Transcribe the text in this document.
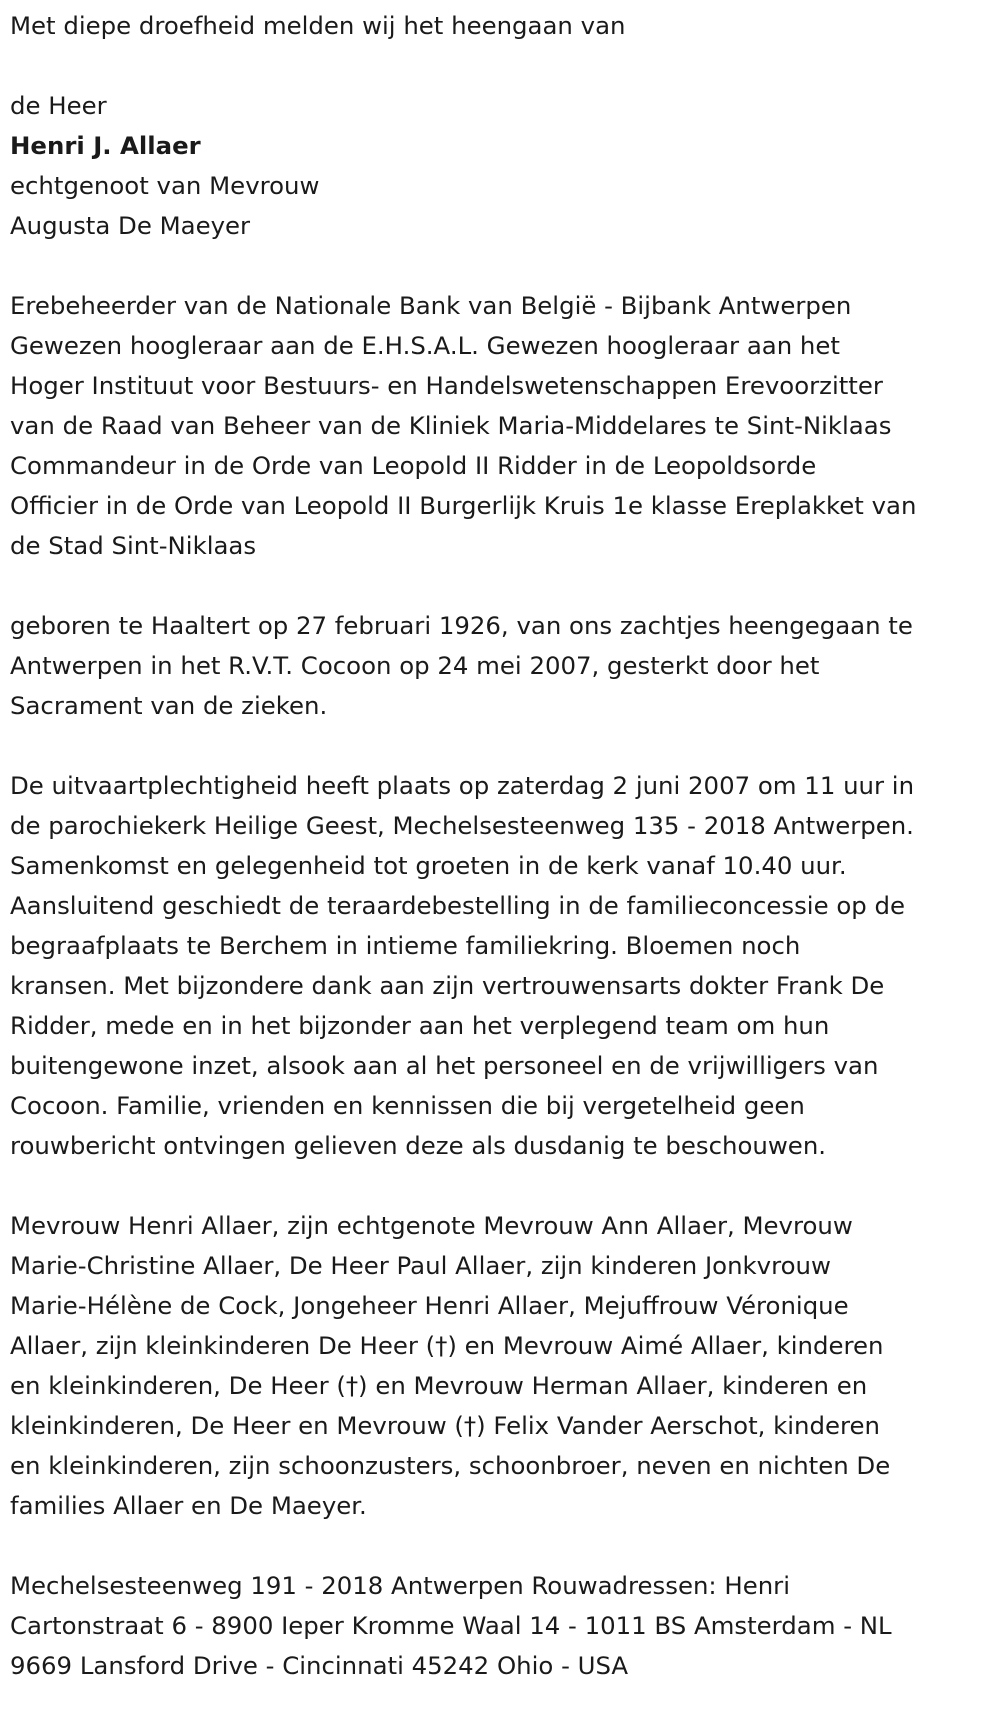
Met diepe droefheid melden wij het heengaan van
de Heer
Henri J. Allaer
echtgenoot van Mevrouw
Augusta De Maeyer
Erebeheerder van de Nationale Bank van België - Bijbank Antwerpen
Gewezen hoogleraar aan de E.H.S.A.L. Gewezen hoogleraar aan het
Hoger Instituut voor Bestuurs- en Handelswetenschappen Erevoorzitter
van de Raad van Beheer van de Kliniek Maria-Middelares te Sint-Niklaas
Commandeur in de Orde van Leopold II Ridder in de Leopoldsorde
Officier in de Orde van Leopold II Burgerlijk Kruis 1e klasse Ereplakket van
de Stad Sint-Niklaas
geboren te Haaltert op 27 februari 1926, van ons zachtjes heengegaan te
Antwerpen in het R.V.T. Cocoon op 24 mei 2007, gesterkt door het
Sacrament van de zieken.
De uitvaartplechtigheid heeft plaats op zaterdag 2 juni 2007 om 11 uur in
de parochiekerk Heilige Geest, Mechelsesteenweg 135 - 2018 Antwerpen.
Samenkomst en gelegenheid tot groeten in de kerk vanaf 10.40 uur.
Aansluitend geschiedt de teraardebestelling in de familieconcessie op de
begraafplaats te Berchem in intieme familiekring. Bloemen noch
kransen. Met bijzondere dank aan zijn vertrouwensarts dokter Frank De
Ridder, mede en in het bijzonder aan het verplegend team om hun
buitengewone inzet, alsook aan al het personeel en de vrijwilligers van
Cocoon. Familie, vrienden en kennissen die bij vergetelheid geen
rouwbericht ontvingen gelieven deze als dusdanig te beschouwen.
Mevrouw Henri Allaer, zijn echtgenote Mevrouw Ann Allaer, Mevrouw
Marie-Christine Allaer, De Heer Paul Allaer, zijn kinderen Jonkvrouw
Marie-Hélène de Cock, Jongeheer Henri Allaer, Mejuffrouw Véronique
Allaer, zijn kleinkinderen De Heer (†) en Mevrouw Aimé Allaer, kinderen
en kleinkinderen, De Heer (†) en Mevrouw Herman Allaer, kinderen en
kleinkinderen, De Heer en Mevrouw (†) Felix Vander Aerschot, kinderen
en kleinkinderen, zijn schoonzusters, schoonbroer, neven en nichten De
families Allaer en De Maeyer.
Mechelsesteenweg 191 - 2018 Antwerpen Rouwadressen: Henri
Cartonstraat 6 - 8900 Ieper Kromme Waal 14 - 1011 BS Amsterdam - NL
9669 Lansford Drive - Cincinnati 45242 Ohio - USA
